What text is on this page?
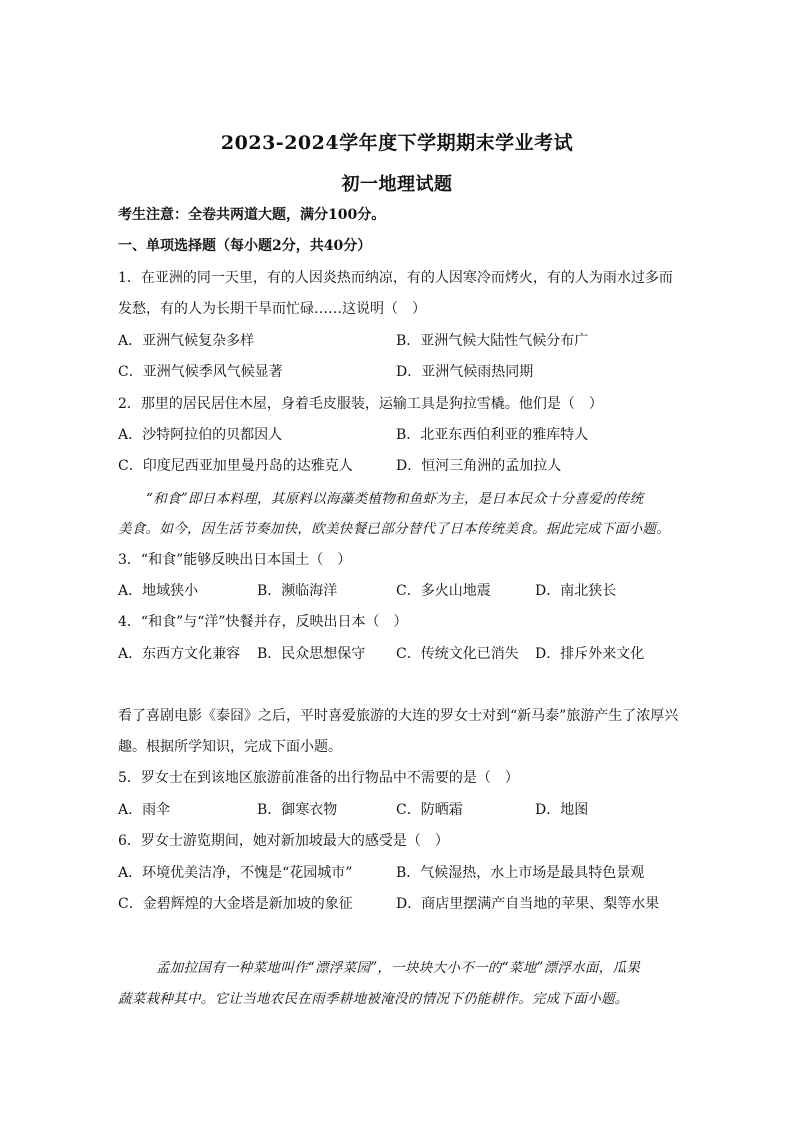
2023-2024学年度下学期期末学业考试
初一地理试题
考生注意：全卷共两道大题，满分100分。
一、单项选择题（每小题2分，共40分）
1．在亚洲的同一天里，有的人因炎热而纳凉，有的人因寒冷而烤火，有的人为雨水过多而
发愁，有的人为长期干旱而忙碌……这说明（　）
A．亚洲气候复杂多样	B．亚洲气候大陆性气候分布广
C．亚洲气候季风气候显著	D．亚洲气候雨热同期
2．那里的居民居住木屋，身着毛皮服装，运输工具是狗拉雪橇。他们是（　）
A．沙特阿拉伯的贝都因人	B．北亚东西伯利亚的雅库特人
C．印度尼西亚加里曼丹岛的达雅克人	D．恒河三角洲的孟加拉人
“和食”即日本料理，其原料以海藻类植物和鱼虾为主，是日本民众十分喜爱的传统
美食。如今，因生活节奏加快，欧美快餐已部分替代了日本传统美食。据此完成下面小题。
3．“和食”能够反映出日本国土（　）
A．地域狭小	B．濒临海洋	C．多火山地震	D．南北狭长
4．“和食”与“洋”快餐并存，反映出日本（　）
A．东西方文化兼容 B．民众思想保守 C．传统文化已消失 D．排斥外来文化
看了喜剧电影《泰囧》之后，平时喜爱旅游的大连的罗女士对到“新马泰”旅游产生了浓厚兴
趣。根据所学知识，完成下面小题。
5．罗女士在到该地区旅游前准备的出行物品中不需要的是（　）
A．雨伞	B．御寒衣物	C．防晒霜	D．地图
6．罗女士游览期间，她对新加坡最大的感受是（　）
A．环境优美洁净，不愧是“花园城市”	B．气候湿热，水上市场是最具特色景观
C．金碧辉煌的大金塔是新加坡的象征	D．商店里摆满产自当地的苹果、梨等水果
孟加拉国有一种菜地叫作“漂浮菜园”，一块块大小不一的“菜地”漂浮水面，瓜果
蔬菜栽种其中。它让当地农民在雨季耕地被淹没的情况下仍能耕作。完成下面小题。
